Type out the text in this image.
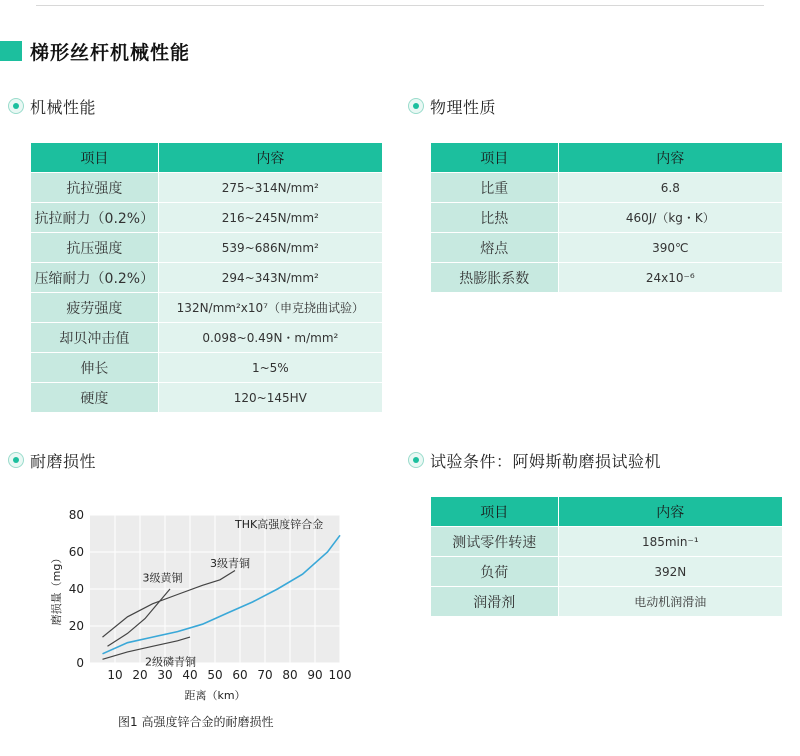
梯形丝杆机械性能
机械性能	物理性质
耐磨损性	试验条件：阿姆斯勒磨损试验机
项目	内容
抗拉强度	275~314N/mm²
抗拉耐力（0.2%）	216~245N/mm²
抗压强度	539~686N/mm²
压缩耐力（0.2%）	294~343N/mm²
疲劳强度	132N/mm²x10⁷（申克挠曲试验）
却贝冲击值	0.098~0.49N・m/mm²
伸长	1~5%
硬度	120~145HV
项目	内容
比重	6.8
比热	460J/（kg・K）
熔点	390℃
热膨胀系数	24x10⁻⁶
项目	内容
测试零件转速	185min⁻¹
负荷	392N
润滑剂	电动机润滑油
10 20 30 40 50 60 70 80 90 100
0
20
40
60
80
THK高强度锌合金
3级青铜
3级黄铜
2级磷青铜
磨损量（mg）
距离（km）
图1 高强度锌合金的耐磨损性
